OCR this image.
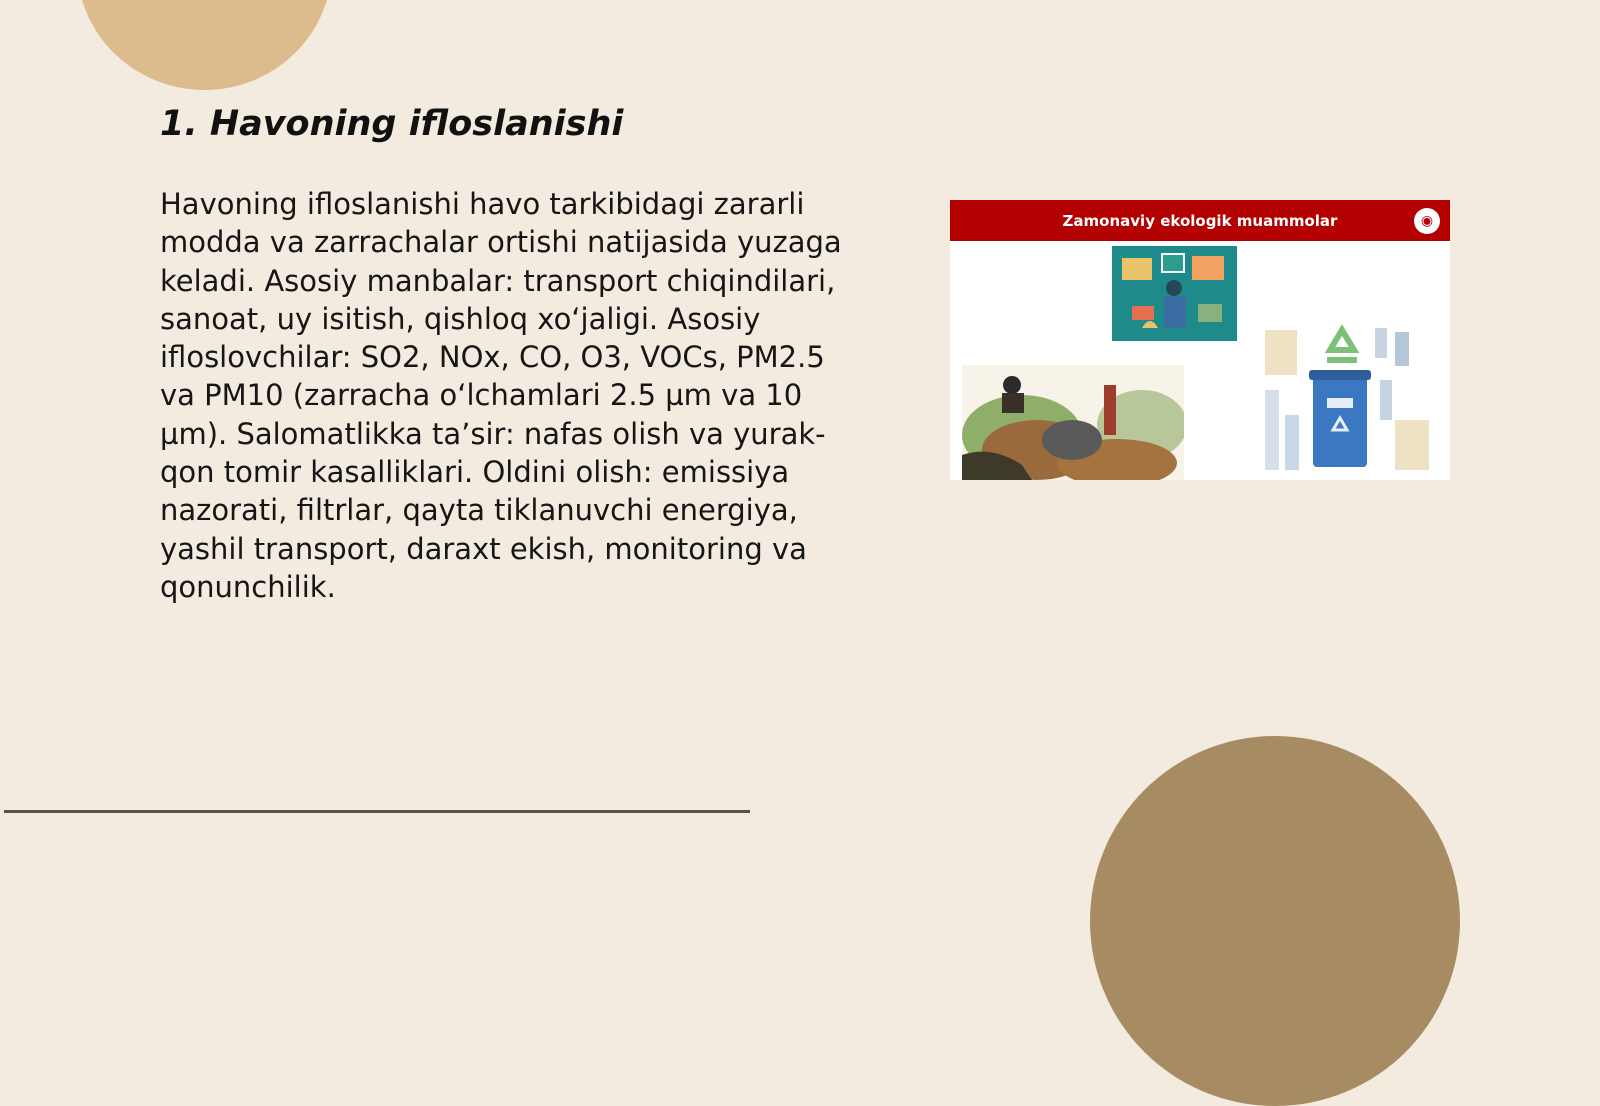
1. Havoning ifloslanishi

Havoning ifloslanishi havo tarkibidagi zararli modda va zarrachalar ortishi natijasida yuzaga keladi. Asosiy manbalar: transport chiqindilari, sanoat, uy isitish, qishloq xo‘jaligi. Asosiy ifloslovchilar: SO2, NOx, CO, O3, VOCs, PM2.5 va PM10 (zarracha o‘lchamlari 2.5 µm va 10 µm). Salomatlikka ta’sir: nafas olish va yurak-qon tomir kasalliklari. Oldini olish: emissiya nazorati, filtrlar, qayta tiklanuvchi energiya, yashil transport, daraxt ekish, monitoring va qonunchilik.

Zamonaviy ekologik muammolar	◉
